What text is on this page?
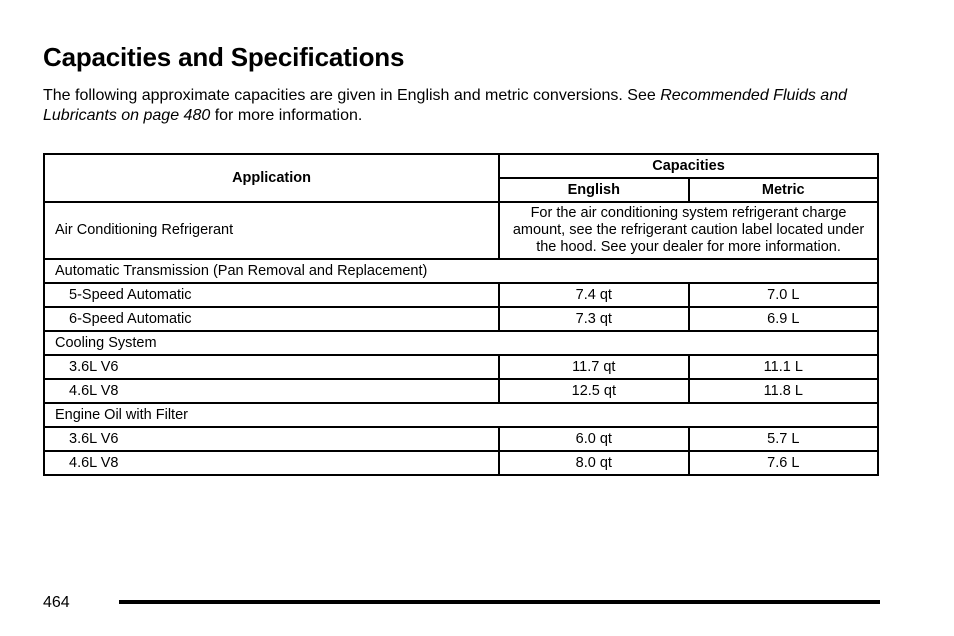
Capacities and Specifications

The following approximate capacities are given in English and metric conversions. See Recommended Fluids and Lubricants on page 480 for more information.

Application	Capacities	
	English	Metric
Air Conditioning Refrigerant	For the air conditioning system refrigerant charge amount, see the refrigerant caution label located under the hood. See your dealer for more information.	
Automatic Transmission (Pan Removal and Replacement)		
5-Speed Automatic	7.4 qt	7.0 L
6-Speed Automatic	7.3 qt	6.9 L
Cooling System		
3.6L V6	11.7 qt	11.1 L
4.6L V8	12.5 qt	11.8 L
Engine Oil with Filter		
3.6L V6	6.0 qt	5.7 L
4.6L V8	8.0 qt	7.6 L
464
